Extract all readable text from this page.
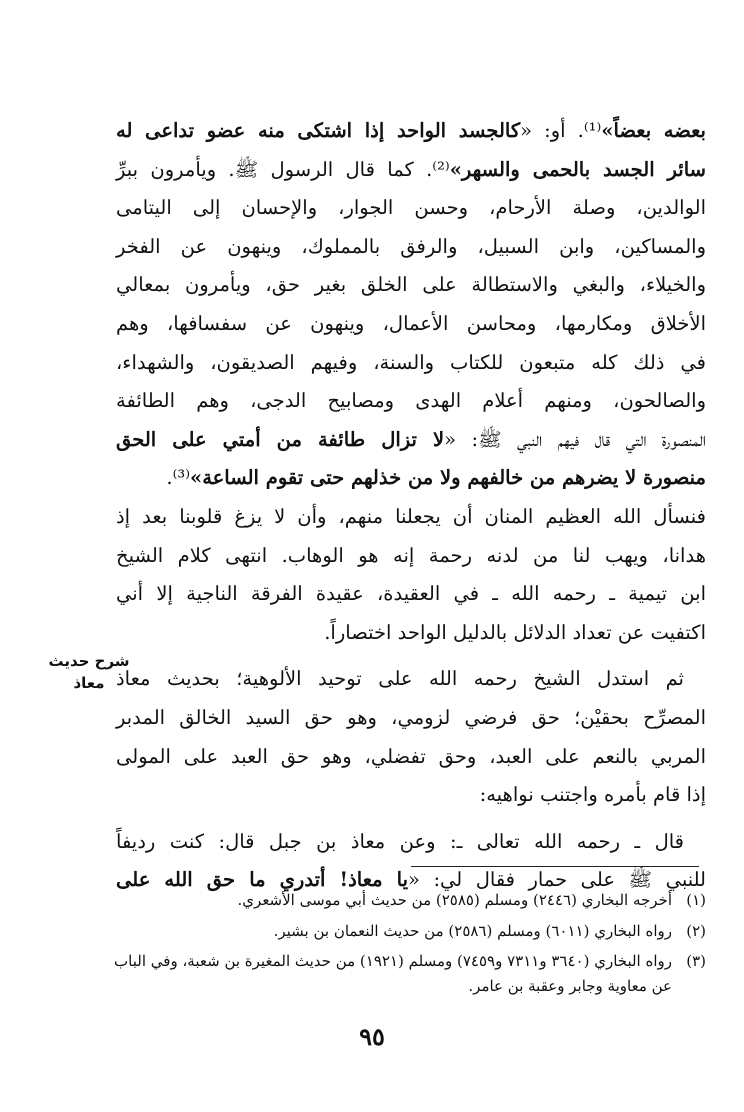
بعضه بعضاً»⁽¹⁾. أو: «كالجسد الواحد إذا اشتكى منه عضو تداعى له
سائر الجسد بالحمى والسهر»⁽²⁾. كما قال الرسول ﷺ. ويأمرون ببرِّ
الوالدين، وصلة الأرحام، وحسن الجوار، والإحسان إلى اليتامى
والمساكين، وابن السبيل، والرفق بالمملوك، وينهون عن الفخر
والخيلاء، والبغي والاستطالة على الخلق بغير حق، ويأمرون بمعالي
الأخلاق ومكارمها، ومحاسن الأعمال، وينهون عن سفسافها، وهم
في ذلك كله متبعون للكتاب والسنة، وفيهم الصديقون، والشهداء،
والصالحون، ومنهم أعلام الهدى ومصابيح الدجى، وهم الطائفة
المنصورة التي قال فيهم النبي ﷺ: «لا تزال طائفة من أمتي على الحق
منصورة لا يضرهم من خالفهم ولا من خذلهم حتى تقوم الساعة»⁽³⁾.
فنسأل الله العظيم المنان أن يجعلنا منهم، وأن لا يزغ قلوبنا بعد إذ
هدانا، ويهب لنا من لدنه رحمة إنه هو الوهاب. انتهى كلام الشيخ
ابن تيمية ـ رحمه الله ـ في العقيدة، عقيدة الفرقة الناجية إلا أني
اكتفيت عن تعداد الدلائل بالدليل الواحد اختصاراً.
ثم استدل الشيخ رحمه الله على توحيد الألوهية؛ بحديث معاذ
المصرِّح بحقيْن؛ حق فرضي لزومي، وهو حق السيد الخالق المدبر
المربي بالنعم على العبد، وحق تفضلي، وهو حق العبد على المولى
إذا قام بأمره واجتنب نواهيه:
قال ـ رحمه الله تعالى ـ: وعن معاذ بن جبل قال: كنت رديفاً
للنبي ﷺ على حمار فقال لي: «يا معاذ! أتدري ما حق الله على
شرح حديث
معاذ
(١)
أخرجه البخاري (٢٤٤٦) ومسلم (٢٥٨٥) من حديث أبي موسى الأشعري.
(٢)
رواه البخاري (٦٠١١) ومسلم (٢٥٨٦) من حديث النعمان بن بشير.
(٣)
رواه البخاري (٣٦٤٠ و٧٣١١ و٧٤٥٩) ومسلم (١٩٢١) من حديث المغيرة بن شعبة، وفي الباب عن معاوية وجابر وعقبة بن عامر.
٩٥
